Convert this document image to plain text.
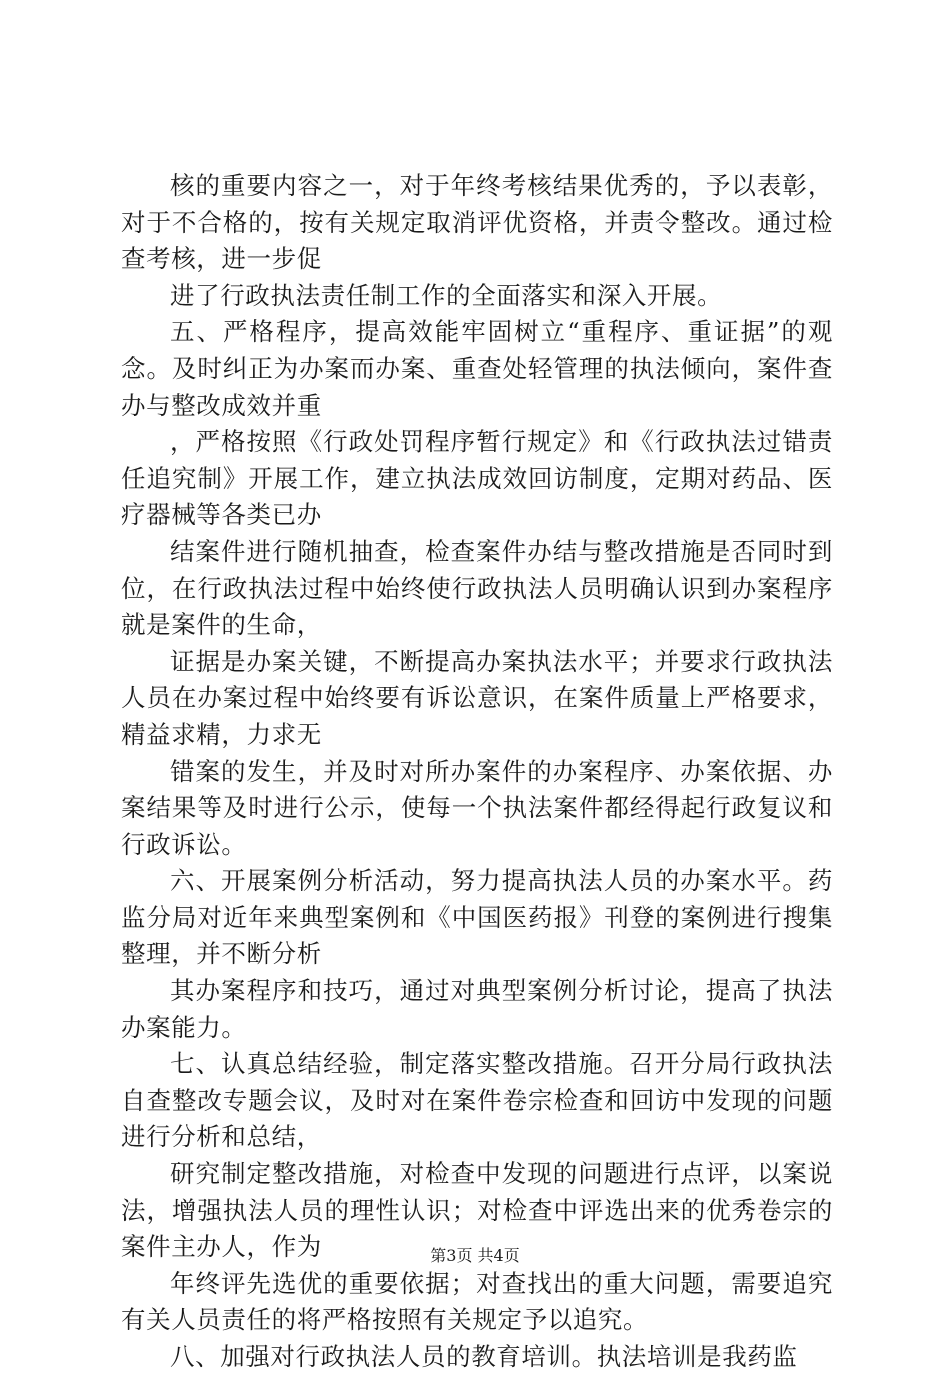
核的重要内容之一，对于年终考核结果优秀的，予以表彰，对于不合格的，按有关规定取消评优资格，并责令整改。通过检查考核，进一步促

进了行政执法责任制工作的全面落实和深入开展。

五、严格程序，提高效能牢固树立“重程序、重证据”的观念。及时纠正为办案而办案、重查处轻管理的执法倾向，案件查办与整改成效并重

，严格按照《行政处罚程序暂行规定》和《行政执法过错责任追究制》开展工作，建立执法成效回访制度，定期对药品、医疗器械等各类已办

结案件进行随机抽查，检查案件办结与整改措施是否同时到位，在行政执法过程中始终使行政执法人员明确认识到办案程序就是案件的生命，

证据是办案关键，不断提高办案执法水平；并要求行政执法人员在办案过程中始终要有诉讼意识，在案件质量上严格要求，精益求精，力求无

错案的发生，并及时对所办案件的办案程序、办案依据、办案结果等及时进行公示，使每一个执法案件都经得起行政复议和行政诉讼。

六、开展案例分析活动，努力提高执法人员的办案水平。药监分局对近年来典型案例和《中国医药报》刊登的案例进行搜集整理，并不断分析

其办案程序和技巧，通过对典型案例分析讨论，提高了执法办案能力。

七、认真总结经验，制定落实整改措施。召开分局行政执法自查整改专题会议，及时对在案件卷宗检查和回访中发现的问题进行分析和总结，

研究制定整改措施，对检查中发现的问题进行点评，以案说法，增强执法人员的理性认识；对检查中评选出来的优秀卷宗的案件主办人，作为

年终评先选优的重要依据；对查找出的重大问题，需要追究有关人员责任的将严格按照有关规定予以追究。

八、加强对行政执法人员的教育培训。执法培训是我药监

第3页 共4页
